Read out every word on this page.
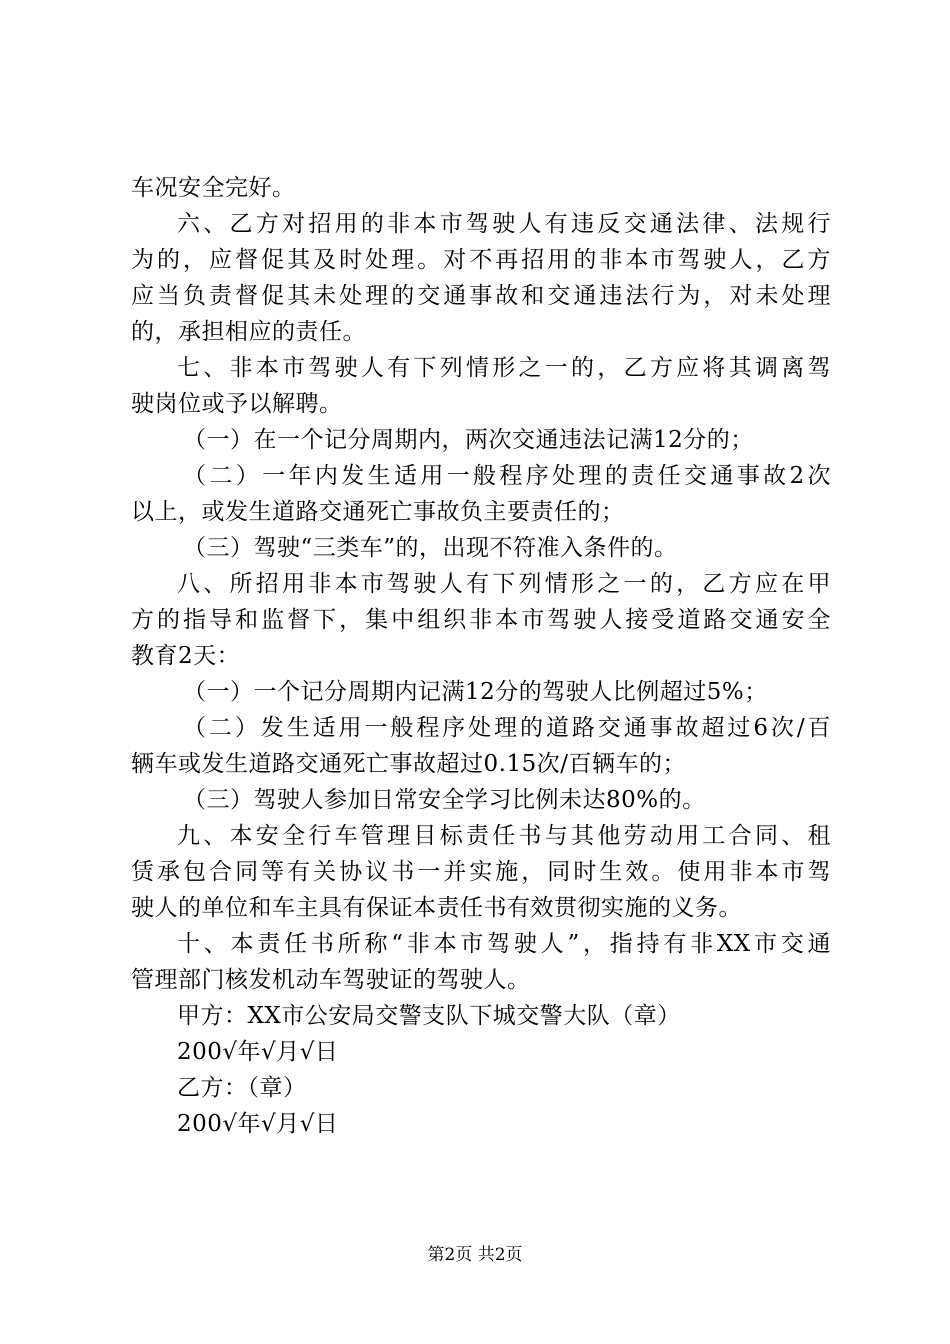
车况安全完好。
六、乙方对招用的非本市驾驶人有违反交通法律、法规行
为的，应督促其及时处理。对不再招用的非本市驾驶人，乙方
应当负责督促其未处理的交通事故和交通违法行为，对未处理
的，承担相应的责任。
七、非本市驾驶人有下列情形之一的，乙方应将其调离驾
驶岗位或予以解聘。
（一）在一个记分周期内，两次交通违法记满12分的；
（二）一年内发生适用一般程序处理的责任交通事故2次
以上，或发生道路交通死亡事故负主要责任的；
（三）驾驶“三类车”的，出现不符准入条件的。
八、所招用非本市驾驶人有下列情形之一的，乙方应在甲
方的指导和监督下，集中组织非本市驾驶人接受道路交通安全
教育2天：
（一）一个记分周期内记满12分的驾驶人比例超过5%；
（二）发生适用一般程序处理的道路交通事故超过6次/百
辆车或发生道路交通死亡事故超过0.15次/百辆车的；
（三）驾驶人参加日常安全学习比例未达80%的。
九、本安全行车管理目标责任书与其他劳动用工合同、租
赁承包合同等有关协议书一并实施，同时生效。使用非本市驾
驶人的单位和车主具有保证本责任书有效贯彻实施的义务。
十、本责任书所称“非本市驾驶人”，指持有非XX市交通
管理部门核发机动车驾驶证的驾驶人。
甲方：XX市公安局交警支队下城交警大队（章）
200√年√月√日
乙方：（章）
200√年√月√日
第2页 共2页
